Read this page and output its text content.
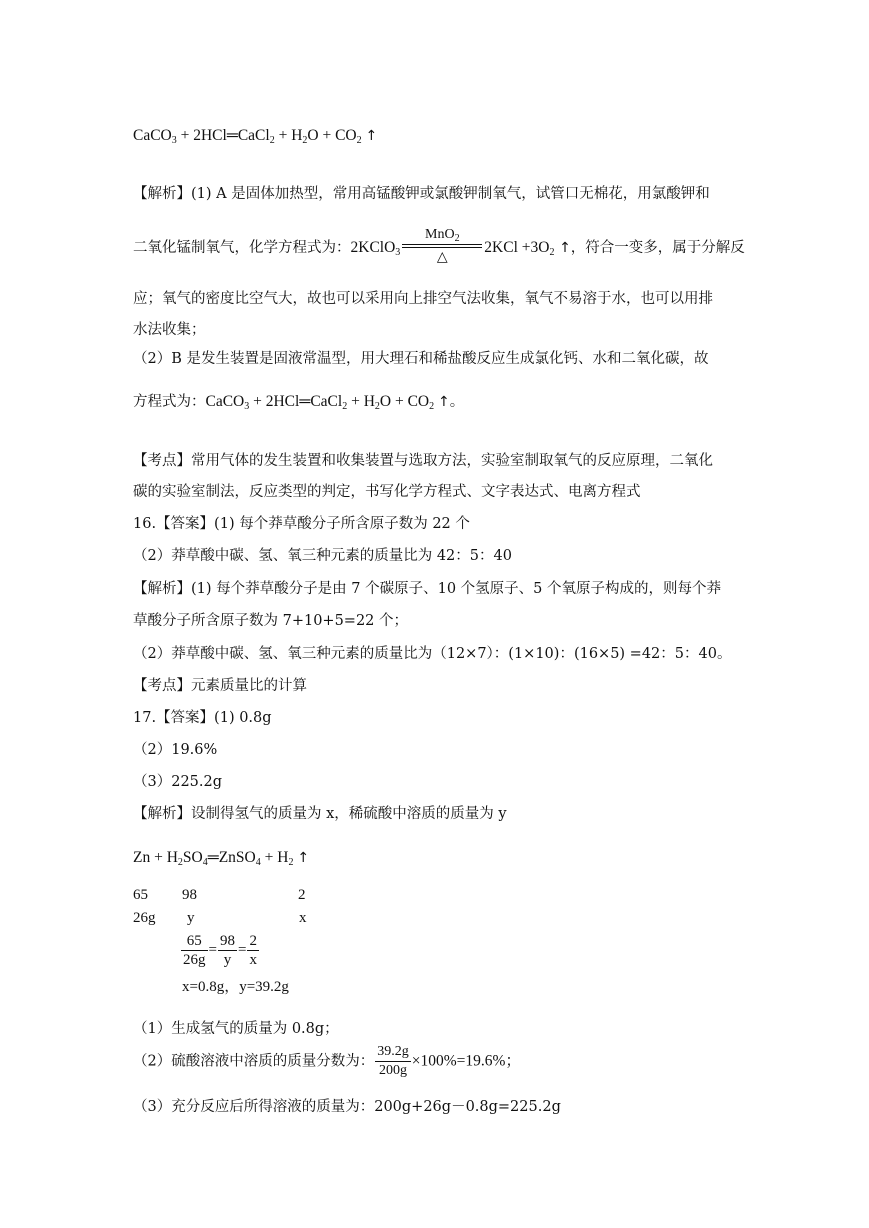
CaCO$_3$ + 2HCl═CaCl$_2$ + $H_2O + CO_2$ ↑
【解析】(1) A 是固体加热型，常用高锰酸钾或氯酸钾制氧气，试管口无棉花，用氯酸钾和
二氧化锰制氧气，化学方程式为：2KClO$_3$
MnO$_2$
△
$2KCl +3O_2$ ↑，符合一变多，属于分解反
应；氧气的密度比空气大，故也可以采用向上排空气法收集，氧气不易溶于水，也可以用排
水法收集；
（2）B 是发生装置是固液常温型，用大理石和稀盐酸反应生成氯化钙、水和二氧化碳，故
方程式为：CaCO$_3$ + 2HCl═CaCl$_2$ + $H_2O + CO_2$ ↑。
【考点】常用气体的发生装置和收集装置与选取方法，实验室制取氧气的反应原理，二氧化
碳的实验室制法，反应类型的判定，书写化学方程式、文字表达式、电离方程式
16.【答案】(1) 每个莽草酸分子所含原子数为 22 个
（2）莽草酸中碳、氢、氧三种元素的质量比为 42：5：40
【解析】(1) 每个莽草酸分子是由 7 个碳原子、10 个氢原子、5 个氧原子构成的，则每个莽
草酸分子所含原子数为 7+10+5=22 个；
（2）莽草酸中碳、氢、氧三种元素的质量比为（12×7）：(1×10)：(16×5) =42：5：40。
【考点】元素质量比的计算
17.【答案】(1) 0.8g
（2）19.6%
（3）225.2g
【解析】设制得氢气的质量为 x，稀硫酸中溶质的质量为 y
$Zn + H_2SO_4═ZnSO_4 + H_2$ ↑
65 98	2
26g y	x
$\frac{65}{26g} = \frac{98}{y} = \frac{2}{x}$
x=0.8g，y=39.2g
（1）生成氢气的质量为 0.8g；
（2）硫酸溶液中溶质的质量分数为： $\frac{39.2g}{200g} \times 100\%=19.6\%$；
（3）充分反应后所得溶液的质量为：200g+26g－0.8g=225.2g
